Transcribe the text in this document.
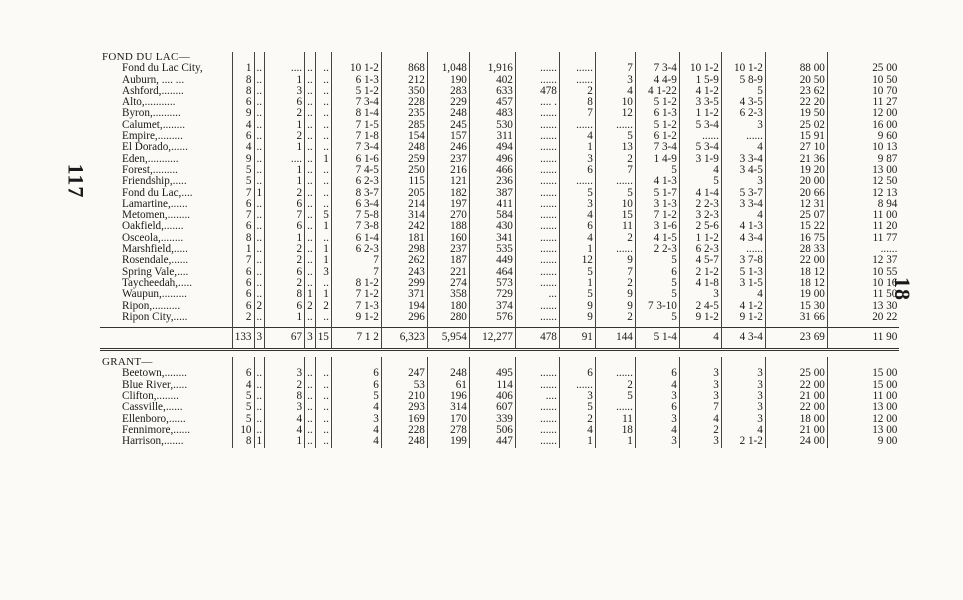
117
18
FOND DU LAC—																	
Fond du Lac City,	1	..	....	..	..	10 1-2	868	1,048	1,916	......	......	7	7 3-4	10 1-2	10 1-2	88 00	25 00
Auburn, .... ...	8	..	1	..	..	6 1-3	212	190	402	......	......	3	4 4-9	1 5-9	5 8-9	20 50	10 50
Ashford,........	8	..	3	..	..	5 1-2	350	283	633	478	2	4	4 1-22	4 1-2	5	23 62	10 70
Alto,...........	6	..	6	..	..	7 3-4	228	229	457	.... .	8	10	5 1-2	3 3-5	4 3-5	22 20	11 27
Byron,..........	9	..	2	..	..	8 1-4	235	248	483	......	7	12	6 1-3	1 1-2	6 2-3	19 50	12 00
Calumet,........	4	..	1	..	..	7 1-5	285	245	530	......	......	......	5 1-2	5 3-4	3	25 02	16 00
Empire,.........	6	..	2	..	..	7 1-8	154	157	311	......	4	5	6 1-2	......	......	15 91	9 60
El Dorado,......	4	..	1	..	..	7 3-4	248	246	494	......	1	13	7 3-4	5 3-4	4	27 10	10 13
Eden,...........	9	..	....	..	1	6 1-6	259	237	496	......	3	2	1 4-9	3 1-9	3 3-4	21 36	9 87
Forest,.........	5	..	1	..	..	7 4-5	250	216	466	......	6	7	5	4	3 4-5	19 20	13 00
Friendship,.....	5	..	1	..	..	6 2-3	115	121	236	......	......	......	4 1-3	5	3	20 00	12 50
Fond du Lac,....	7	1	2	..	..	8 3-7	205	182	387	......	5	5	5 1-7	4 1-4	5 3-7	20 66	12 13
Lamartine,......	6	..	6	..	..	6 3-4	214	197	411	......	3	10	3 1-3	2 2-3	3 3-4	12 31	8 94
Metomen,........	7	..	7	..	5	7 5-8	314	270	584	......	4	15	7 1-2	3 2-3	4	25 07	11 00
Oakfield,.......	6	..	6	..	1	7 3-8	242	188	430	......	6	11	3 1-6	2 5-6	4 1-3	15 22	11 20
Osceola,........	8	..	1	..	..	6 1-4	181	160	341	......	4	2	4 1-5	1 1-2	4 3-4	16 75	11 77
Marshfield,.....	1	..	2	..	1	6 2-3	298	237	535	......	1	......	2 2-3	6 2-3	......	28 33	......
Rosendale,......	7	..	2	..	1	7	262	187	449	......	12	9	5	4 5-7	3 7-8	22 00	12 37
Spring Vale,....	6	..	6	..	3	7	243	221	464	......	5	7	6	2 1-2	5 1-3	18 12	10 55
Taycheedah,.....	6	..	2	..	..	8 1-2	299	274	573	......	1	2	5	4 1-8	3 1-5	18 12	10 16
Waupun,.........	6	..	8	1	1	7 1-2	371	358	729	...	5	9	5	3	4	19 00	11 50
Ripon,..........	6	2	6	2	2	7 1-3	194	180	374	......	9	9	7 3-10	2 4-5	4 1-2	15 30	13 30
Ripon City,.....	2	..	1	..	..	9 1-2	296	280	576	......	9	2	5	9 1-2	9 1-2	31 66	20 22

	133	3	67	3	15	7 1 2	6,323	5,954	12,277	478	91	144	5 1-4	4	4 3-4	23 69	11 90

GRANT—																	
Beetown,........	6	..	3	..	..	6	247	248	495	......	6	......	6	3	3	25 00	15 00
Blue River,.....	4	..	2	..	..	6	53	61	114	......	......	2	4	3	3	22 00	15 00
Clifton,........	5	..	8	..	..	5	210	196	406	....	3	5	3	3	3	21 00	11 00
Cassville,......	5	..	3	..	..	4	293	314	607	......	5	......	6	7	3	22 00	13 00
Ellenboro,......	5	..	4	..	..	3	169	170	339	......	2	11	3	4	3	18 00	12 00
Fennimore,......	10	..	4	..	..	4	228	278	506	......	4	18	4	2	4	21 00	13 00
Harrison,.......	8	1	1	..	..	4	248	199	447	......	1	1	3	3	2 1-2	24 00	9 00
